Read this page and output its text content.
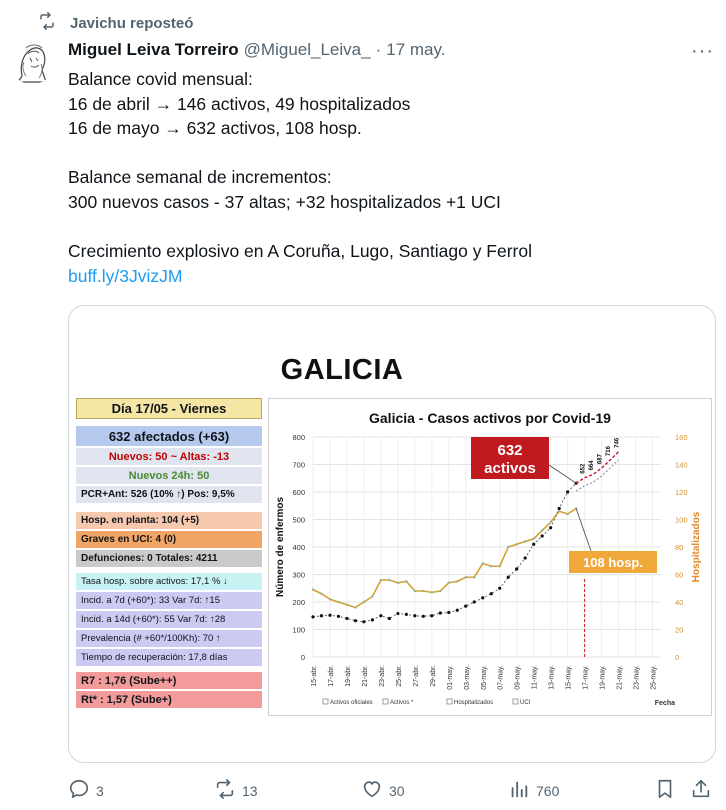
Javichu reposteó
Miguel Leiva Torreiro @Miguel_Leiva_ · 17 may.	···
Balance covid mensual:
16 de abril → 146 activos, 49 hospitalizados
16 de mayo → 632 activos, 108 hosp.
Balance semanal de incrementos:
300 nuevos casos - 37 altas; +32 hospitalizados +1 UCI
Crecimiento explosivo en A Coruña, Lugo, Santiago y Ferrol
buff.ly/3JvizJM
GALICIA
Día 17/05 - Viernes
632 afectados (+63)
Nuevos: 50 ~ Altas: -13
Nuevos 24h: 50
PCR+Ant: 526 (10% ↑) Pos: 9,5%
Hosp. en planta: 104 (+5)
Graves en UCI: 4 (0)
Defunciones: 0 Totales: 4211
Tasa hosp. sobre activos: 17,1 % ↓
Incid. a 7d (+60*): 33 Var 7d: ↑15
Incid. a 14d (+60*): 55 Var 7d: ↑28
Prevalencia (# +60*/100Kh): 70 ↑
Tiempo de recuperación: 17,8 días
R7 : 1,76 (Sube++)
Rt* : 1,57 (Sube+)
Galicia - Casos activos por Covid-19
0
100
200
300
400
500
600
700
800
0
20
40
60
80
100
120
140
160
15-abr. 17-abr. 19-abr. 21-abr. 23-abr. 25-abr. 27-abr. 29-abr. 01-may. 03-may. 05-may. 07-may. 09-may. 11-may. 13-may. 15-may. 17-may. 19-may. 21-may. 23-may. 25-may.
Número de enfermos	Hospitalizados
Fecha
652 664
687
716
746
632
activos
108 hosp.
Activos oficiales	Activos *	Hospitalizados	UCI
3	13	30	760
